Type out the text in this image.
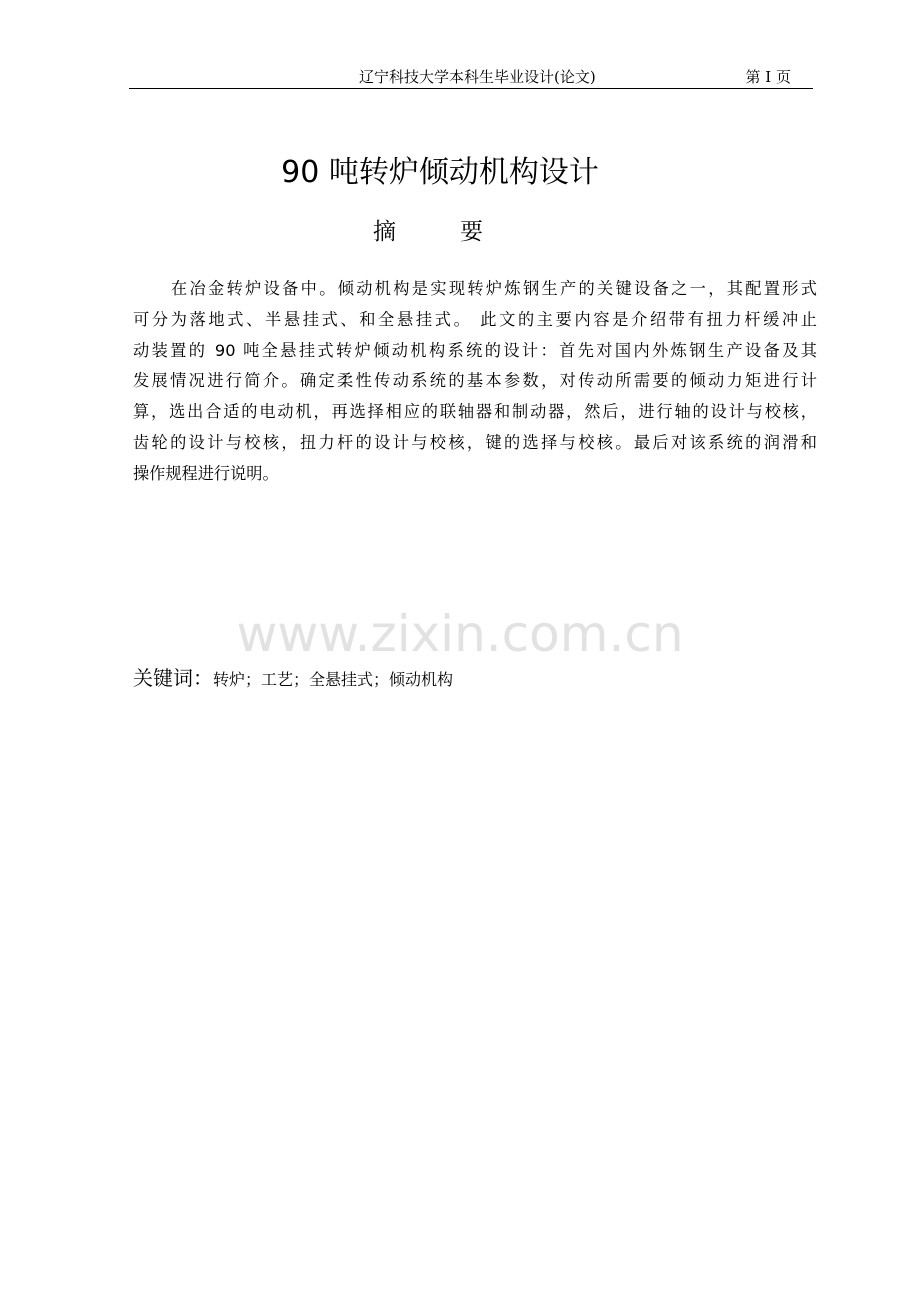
辽宁科技大学本科生毕业设计(论文)	第 I 页
90 吨转炉倾动机构设计
摘要
在冶金转炉设备中。倾动机构是实现转炉炼钢生产的关键设备之一，其配置形式
可分为落地式、半悬挂式、和全悬挂式。 此文的主要内容是介绍带有扭力杆缓冲止
动装置的 90 吨全悬挂式转炉倾动机构系统的设计：首先对国内外炼钢生产设备及其
发展情况进行简介。确定柔性传动系统的基本参数，对传动所需要的倾动力矩进行计
算，选出合适的电动机，再选择相应的联轴器和制动器，然后，进行轴的设计与校核，
齿轮的设计与校核，扭力杆的设计与校核，键的选择与校核。最后对该系统的润滑和
操作规程进行说明。
www.zixin.com.cn
关键词：转炉；工艺；全悬挂式；倾动机构
